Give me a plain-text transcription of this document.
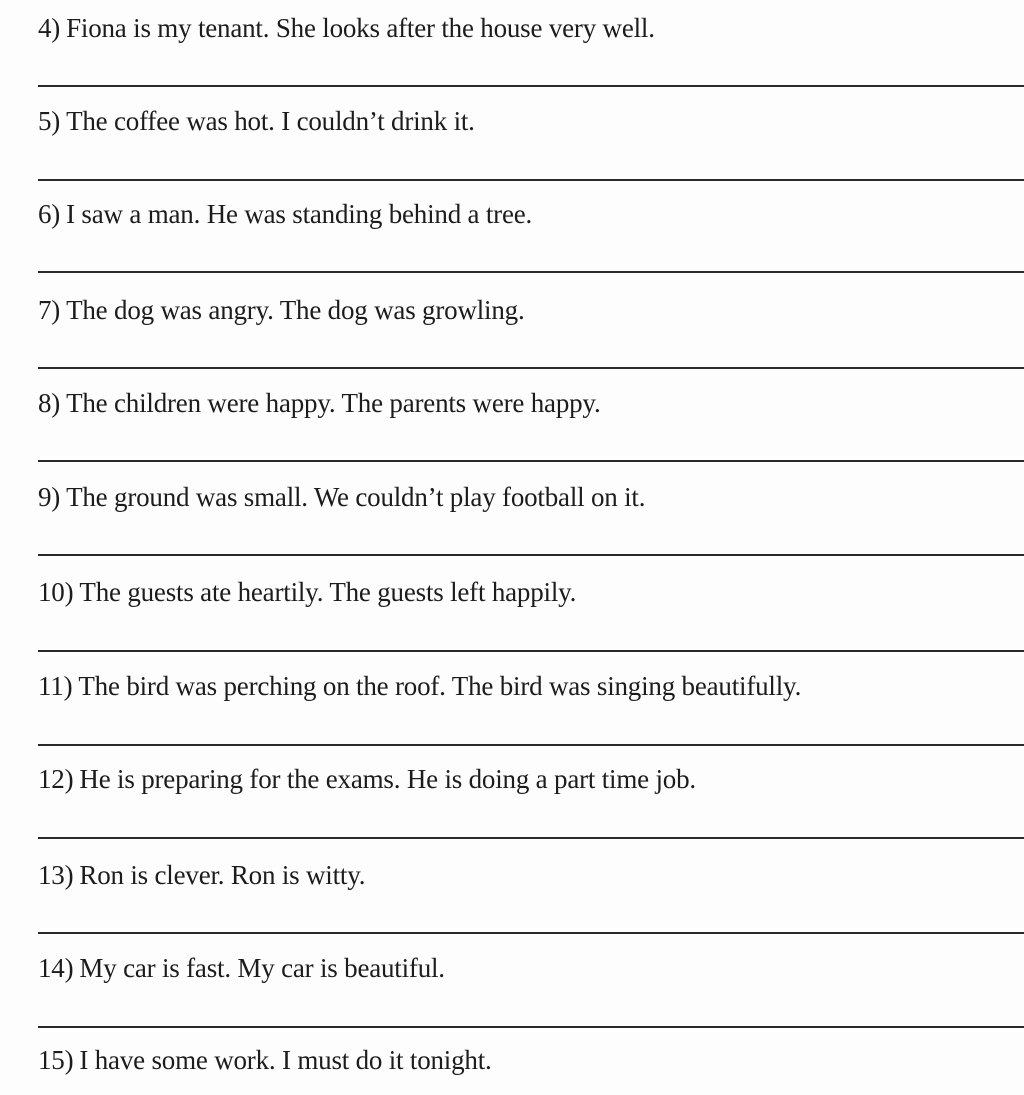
4) Fiona is my tenant. She looks after the house very well.
5) The coffee was hot. I couldn’t drink it.
6) I saw a man. He was standing behind a tree.
7) The dog was angry. The dog was growling.
8) The children were happy. The parents were happy.
9) The ground was small. We couldn’t play football on it.
10) The guests ate heartily. The guests left happily.
11) The bird was perching on the roof. The bird was singing beautifully.
12) He is preparing for the exams. He is doing a part time job.
13) Ron is clever. Ron is witty.
14) My car is fast. My car is beautiful.
15) I have some work. I must do it tonight.
